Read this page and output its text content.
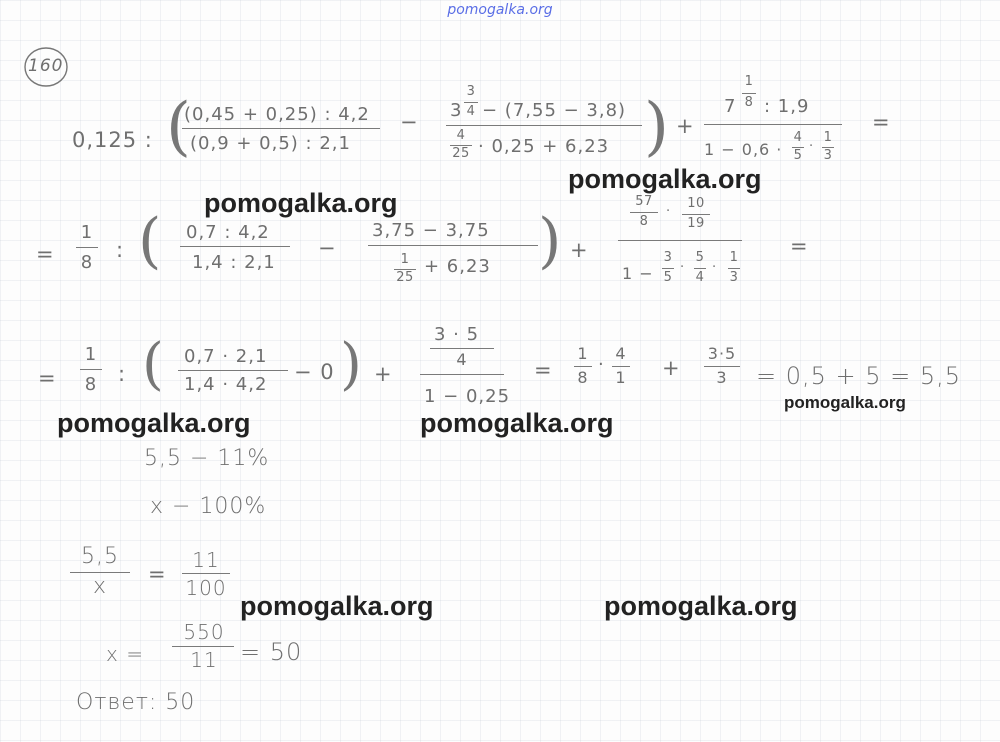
pomogalka.org
160
0,125 : (
(0,45 + 0,25) : 4,2
(0,9 + 0,5) : 2,1
− 3
3
4 − (7,55 − 3,8)
4
25 · 0,25 + 6,23 ) +
7
1
8 : 1,9
1 − 0,6 ·
4
5
·
1
3
=
pomogalka.org
pomogalka.org
=
1
8
: ( 0,7 : 4,2
1,4 : 2,1
−
3,75 − 3,75
1
25
+ 6,23 ) +
57
8
·
10
19
1 −
3
5
·
5
4
·
1
3
=
=
1
8 : ( 0,7 · 2,1
1,4 · 4,2
− 0 ) +
3 · 5
4
1 − 0,25
=
1
8
·
4
1 +
3·5
3	= 0,5 + 5 = 5,5
pomogalka.org
pomogalka.org	pomogalka.org
5,5 − 11%
x − 100%
5,5
x	=
11
100
pomogalka.org	pomogalka.org
x =
550
11 = 50
Ответ: 50
